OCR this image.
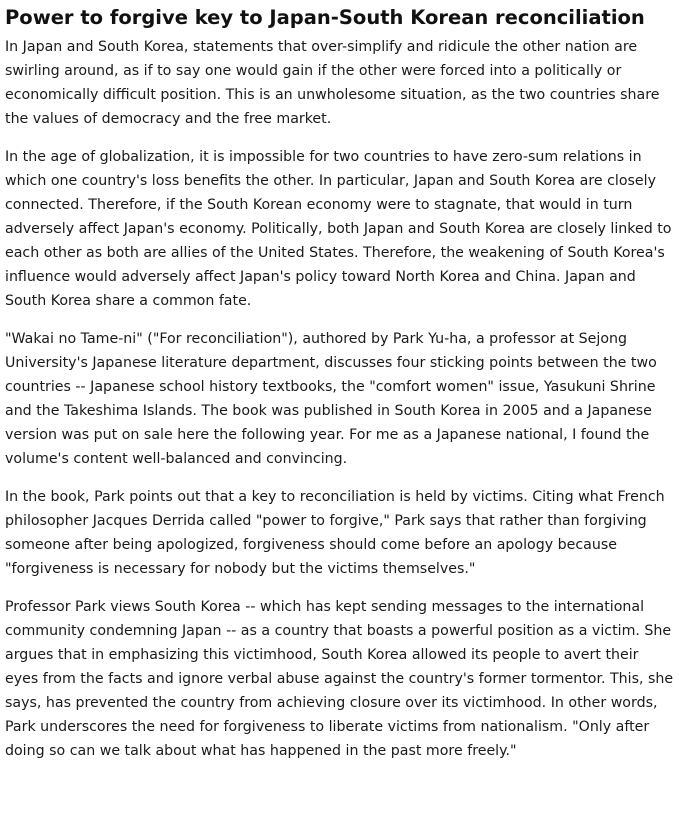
Power to forgive key to Japan-South Korean reconciliation

In Japan and South Korea, statements that over-simplify and ridicule the other nation are swirling around, as if to say one would gain if the other were forced into a politically or economically difficult position. This is an unwholesome situation, as the two countries share the values of democracy and the free market.

In the age of globalization, it is impossible for two countries to have zero-sum relations in which one country's loss benefits the other. In particular, Japan and South Korea are closely connected. Therefore, if the South Korean economy were to stagnate, that would in turn adversely affect Japan's economy. Politically, both Japan and South Korea are closely linked to each other as both are allies of the United States. Therefore, the weakening of South Korea's influence would adversely affect Japan's policy toward North Korea and China. Japan and South Korea share a common fate.

"Wakai no Tame-ni" ("For reconciliation"), authored by Park Yu-ha, a professor at Sejong University's Japanese literature department, discusses four sticking points between the two countries -- Japanese school history textbooks, the "comfort women" issue, Yasukuni Shrine and the Takeshima Islands. The book was published in South Korea in 2005 and a Japanese version was put on sale here the following year. For me as a Japanese national, I found the volume's content well-balanced and convincing.

In the book, Park points out that a key to reconciliation is held by victims. Citing what French philosopher Jacques Derrida called "power to forgive," Park says that rather than forgiving someone after being apologized, forgiveness should come before an apology because "forgiveness is necessary for nobody but the victims themselves."

Professor Park views South Korea -- which has kept sending messages to the international community condemning Japan -- as a country that boasts a powerful position as a victim. She argues that in emphasizing this victimhood, South Korea allowed its people to avert their eyes from the facts and ignore verbal abuse against the country's former tormentor. This, she says, has prevented the country from achieving closure over its victimhood. In other words, Park underscores the need for forgiveness to liberate victims from nationalism. "Only after doing so can we talk about what has happened in the past more freely."
